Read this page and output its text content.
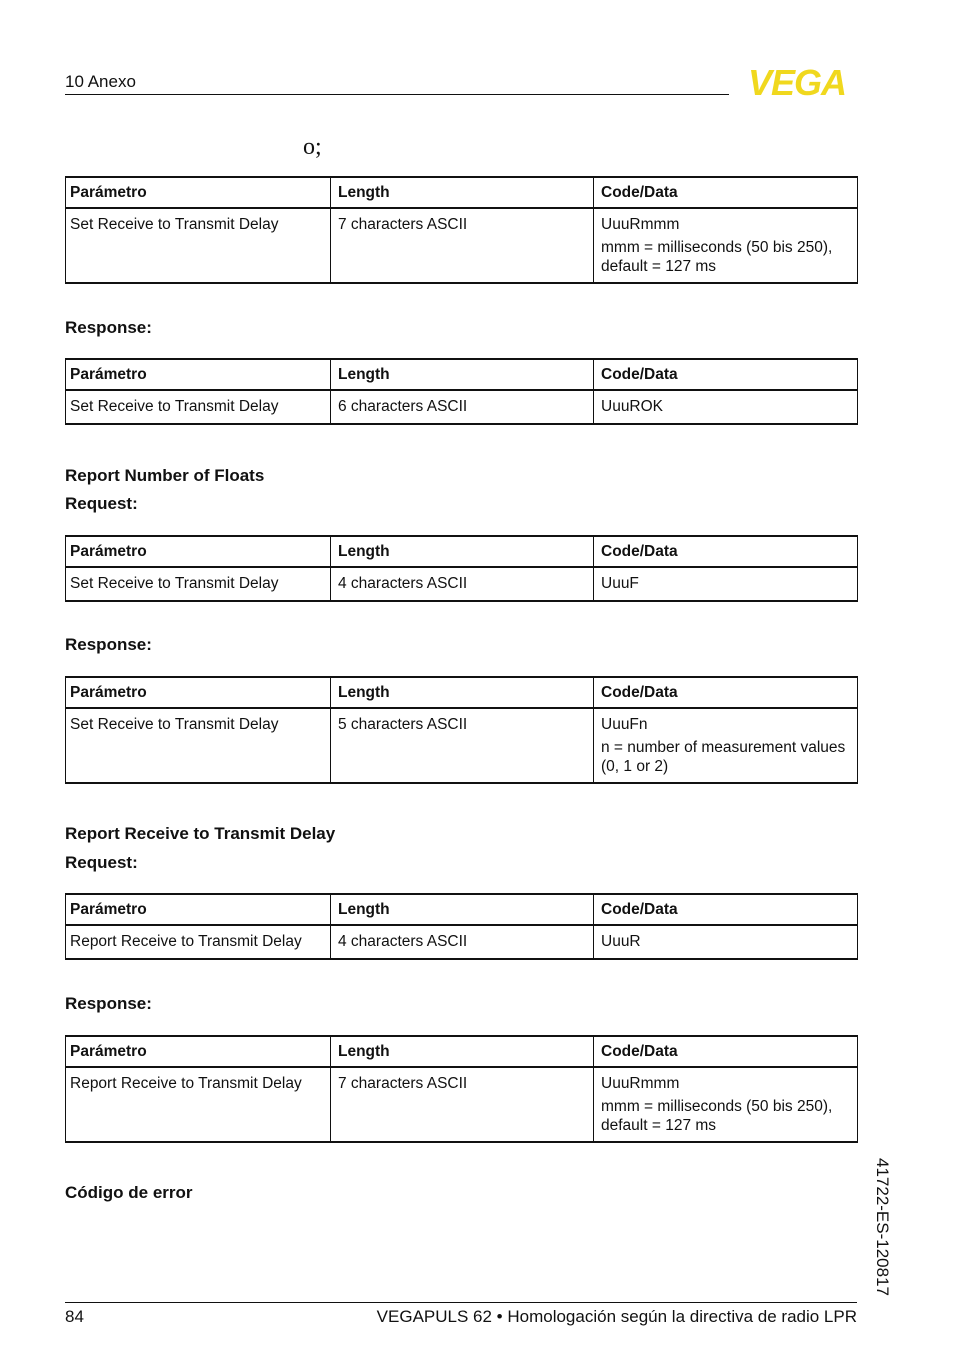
10 Anexo	VEGA
o;
Parámetro	Length	Code/Data
Set Receive to Transmit Delay	7 characters ASCII	UuuRmmm
mmm = milliseconds (50 bis 250), default = 127 ms
Response:
Parámetro	Length	Code/Data
Set Receive to Transmit Delay	6 characters ASCII	UuuROK
Report Number of Floats
Request:
Parámetro	Length	Code/Data
Set Receive to Transmit Delay	4 characters ASCII	UuuF
Response:
Parámetro	Length	Code/Data
Set Receive to Transmit Delay	5 characters ASCII	UuuFn
n = number of measurement values (0, 1 or 2)
Report Receive to Transmit Delay
Request:
Parámetro	Length	Code/Data
Report Receive to Transmit Delay	4 characters ASCII	UuuR
Response:
Parámetro	Length	Code/Data
Report Receive to Transmit Delay	7 characters ASCII	UuuRmmm
mmm = milliseconds (50 bis 250), default = 127 ms
Código de error	41722-ES-120817
84	VEGAPULS 62 • Homologación según la directiva de radio LPR
